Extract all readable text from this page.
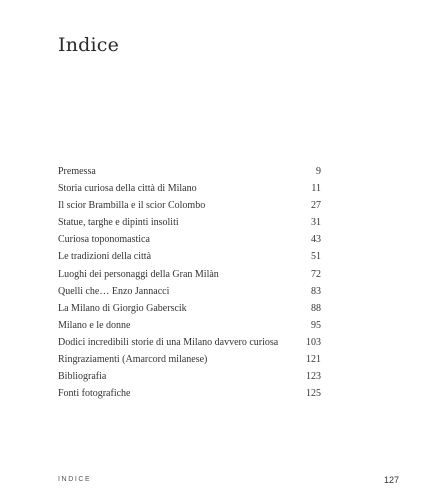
Indice
Premessa	9
Storia curiosa della città di Milano	11
Il scior Brambilla e il scior Colombo	27
Statue, targhe e dipinti insoliti	31
Curiosa toponomastica	43
Le tradizioni della città	51
Luoghi dei personaggi della Gran Milàn	72
Quelli che… Enzo Jannacci	83
La Milano di Giorgio Gaberscik	88
Milano e le donne	95
Dodici incredibili storie di una Milano davvero curiosa	103
Ringraziamenti (Amarcord milanese)	121
Bibliografia	123
Fonti fotografiche	125
INDICE	127
